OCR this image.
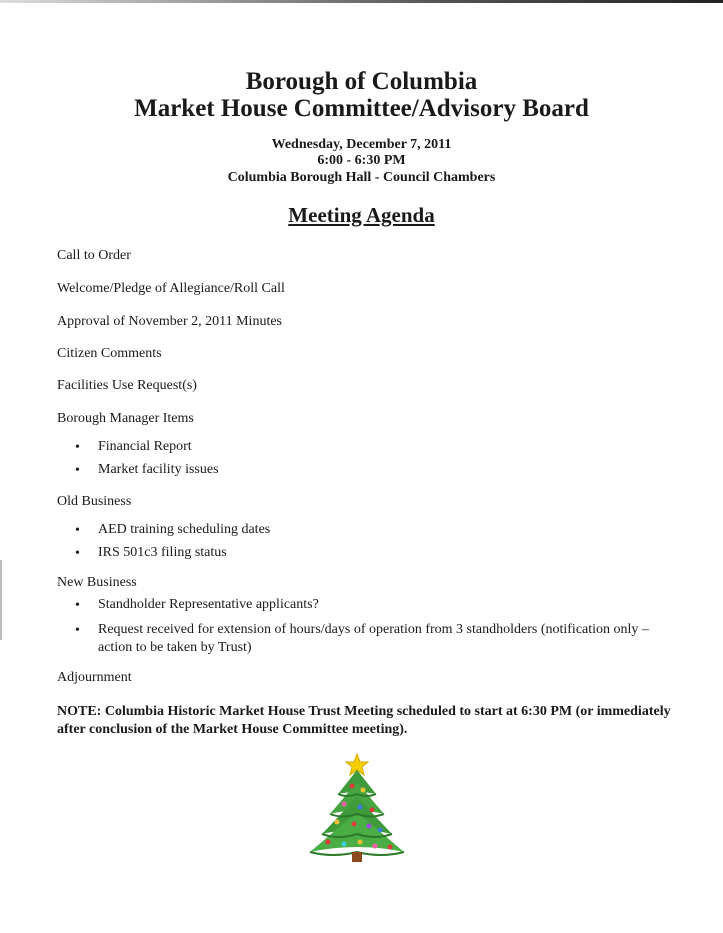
Borough of Columbia
Market House Committee/Advisory Board
Wednesday, December 7, 2011
6:00 - 6:30 PM
Columbia Borough Hall - Council Chambers
Meeting Agenda
Call to Order
Welcome/Pledge of Allegiance/Roll Call
Approval of November 2, 2011 Minutes
Citizen Comments
Facilities Use Request(s)
Borough Manager Items
• Financial Report
• Market facility issues
Old Business
• AED training scheduling dates
• IRS 501c3 filing status
New Business
• Standholder Representative applicants?
• Request received for extension of hours/days of operation from 3 standholders (notification only – action to be taken by Trust)
Adjournment
NOTE: Columbia Historic Market House Trust Meeting scheduled to start at 6:30 PM (or immediately after conclusion of the Market House Committee meeting).
